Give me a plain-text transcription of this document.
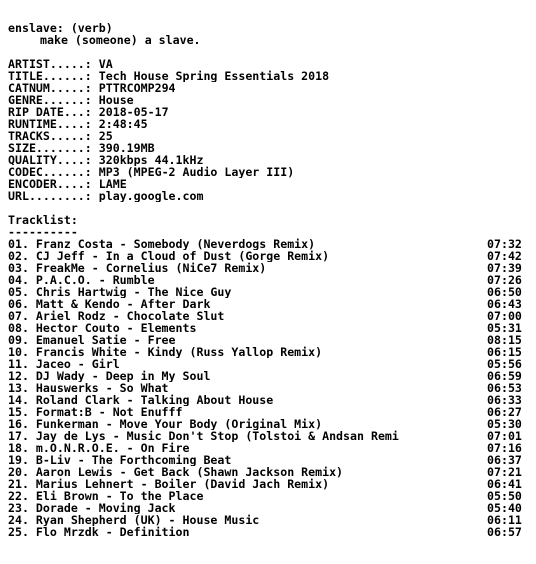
enslave: (verb)
make (someone) a slave.
ARTIST.....: VA
TITLE......: Tech House Spring Essentials 2018
CATNUM.....: PTTRCOMP294
GENRE......: House
RIP DATE...: 2018-05-17
RUNTIME....: 2:48:45
TRACKS.....: 25
SIZE.......: 390.19MB
QUALITY....: 320kbps 44.1kHz
CODEC......: MP3 (MPEG-2 Audio Layer III)
ENCODER....: LAME
URL........: play.google.com
Tracklist:
----------
01. Franz Costa - Somebody (Neverdogs Remix)	07:32
02. CJ Jeff - In a Cloud of Dust (Gorge Remix)	07:42
03. FreakMe - Cornelius (NiCe7 Remix)	07:39
04. P.A.C.O. - Rumble	07:26
05. Chris Hartwig - The Nice Guy	06:50
06. Matt & Kendo - After Dark	06:43
07. Ariel Rodz - Chocolate Slut	07:00
08. Hector Couto - Elements	05:31
09. Emanuel Satie - Free	08:15
10. Francis White - Kindy (Russ Yallop Remix)	06:15
11. Jaceo - Girl	05:56
12. DJ Wady - Deep in My Soul	06:59
13. Hauswerks - So What	06:53
14. Roland Clark - Talking About House	06:33
15. Format:B - Not Enufff	06:27
16. Funkerman - Move Your Body (Original Mix)	05:30
17. Jay de Lys - Music Don't Stop (Tolstoi & Andsan Remi	07:01
18. m.O.N.R.O.E. - On Fire	07:16
19. B-Liv - The Forthcoming Beat	06:37
20. Aaron Lewis - Get Back (Shawn Jackson Remix)	07:21
21. Marius Lehnert - Boiler (David Jach Remix)	06:41
22. Eli Brown - To the Place	05:50
23. Dorade - Moving Jack	05:40
24. Ryan Shepherd (UK) - House Music	06:11
25. Flo Mrzdk - Definition	06:57
